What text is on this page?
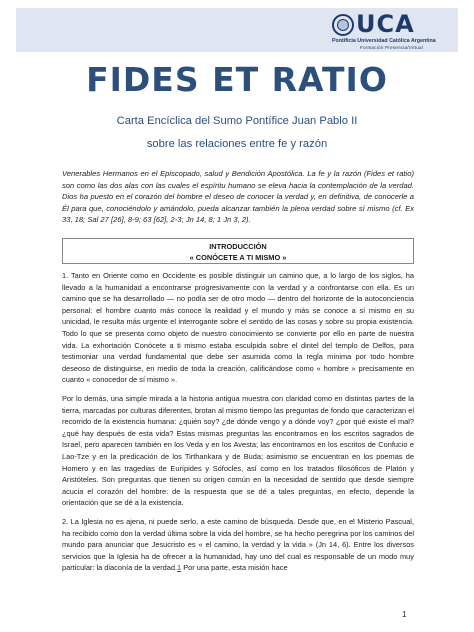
UCA
Pontificia Universidad Católica Argentina
Formación Presencia/Virtual
FIDES ET RATIO
Carta Encíclica del Sumo Pontífice Juan Pablo II
sobre las relaciones entre fe y razón
Venerables Hermanos en el Episcopado, salud y Bendición Apostólica. La fe y la razón (Fides et ratio) son como las dos alas con las cuales el espíritu humano se eleva hacia la contemplación de la verdad. Dios ha puesto en el corazón del hombre el deseo de conocer la verdad y, en definitiva, de conocerle a Él para que, conociéndolo y amándolo, pueda alcanzar también la plena verdad sobre sí mismo (cf. Ex 33, 18; Sal 27 [26], 8-9; 63 [62], 2-3; Jn 14, 8; 1 Jn 3, 2).
INTRODUCCIÓN
« CONÓCETE A TI MISMO »
1. Tanto en Oriente como en Occidente es posible distinguir un camino que, a lo largo de los siglos, ha llevado a la humanidad a encontrarse progresivamente con la verdad y a confrontarse con ella. Es un camino que se ha desarrollado — no podía ser de otro modo — dentro del horizonte de la autoconciencia personal: el hombre cuanto más conoce la realidad y el mundo y más se conoce a sí mismo en su unicidad, le resulta más urgente el interrogante sobre el sentido de las cosas y sobre su propia existencia. Todo lo que se presenta como objeto de nuestro conocimiento se convierte por ello en parte de nuestra vida. La exhortación Conócete a ti mismo estaba esculpida sobre el dintel del templo de Delfos, para testimoniar una verdad fundamental que debe ser asumida como la regla mínima por todo hombre deseoso de distinguirse, en medio de toda la creación, calificándose como « hombre » precisamente en cuanto « conocedor de sí mismo ».
Por lo demás, una simple mirada a la historia antigua muestra con claridad como en distintas partes de la tierra, marcadas por culturas diferentes, brotan al mismo tiempo las preguntas de fondo que caracterizan el recorrido de la existencia humana: ¿quién soy? ¿de dónde vengo y a dónde voy? ¿por qué existe el mal? ¿qué hay después de esta vida? Estas mismas preguntas las encontramos en los escritos sagrados de Israel, pero aparecen también en los Veda y en los Avesta; las encontramos en los escritos de Confucio e Lao-Tze y en la predicación de los Tirthankara y de Buda; asimismo se encuentran en los poemas de Homero y en las tragedias de Eurípides y Sófocles, así como en los tratados filosóficos de Platón y Aristóteles. Son preguntas que tienen su origen común en la necesidad de sentido que desde siempre acucia el corazón del hombre: de la respuesta que se dé a tales preguntas, en efecto, depende la orientación que se dé a la existencia.
2. La Iglesia no es ajena, ni puede serlo, a este camino de búsqueda. Desde que, en el Misterio Pascual, ha recibido como don la verdad última sobre la vida del hombre, se ha hecho peregrina por los caminos del mundo para anunciar que Jesucristo es « el camino, la verdad y la vida » (Jn 14, 6). Entre los diversos servicios que la Iglesia ha de ofrecer a la humanidad, hay uno del cual es responsable de un modo muy particular: la diaconía de la verdad.1 Por una parte, esta misión hace
1
